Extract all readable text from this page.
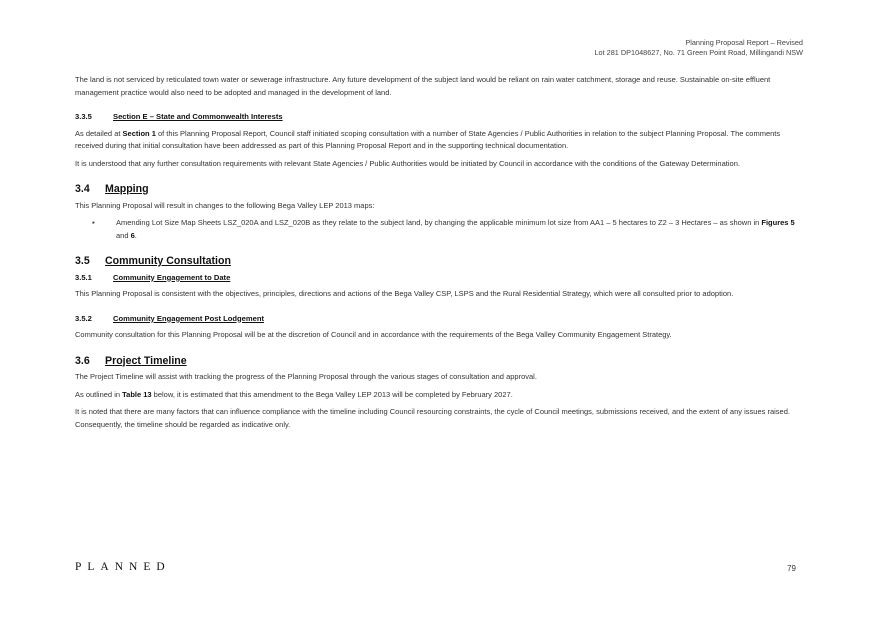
Planning Proposal Report – Revised
Lot 281 DP1048627, No. 71 Green Point Road, Millingandi NSW

The land is not serviced by reticulated town water or sewerage infrastructure. Any future development of the subject land would be reliant on rain water catchment, storage and reuse. Sustainable on-site effluent management practice would also need to be adopted and managed in the development of land.

3.3.5	Section E – State and Commonwealth Interests

As detailed at Section 1 of this Planning Proposal Report, Council staff initiated scoping consultation with a number of State Agencies / Public Authorities in relation to the subject Planning Proposal. The comments received during that initial consultation have been addressed as part of this Planning Proposal Report and in the supporting technical documentation.

It is understood that any further consultation requirements with relevant State Agencies / Public Authorities would be initiated by Council in accordance with the conditions of the Gateway Determination.

3.4	Mapping

This Planning Proposal will result in changes to the following Bega Valley LEP 2013 maps:

▪	Amending Lot Size Map Sheets LSZ_020A and LSZ_020B as they relate to the subject land, by changing the applicable minimum lot size from AA1 – 5 hectares to Z2 – 3 Hectares – as shown in Figures 5 and 6.
3.5	Community Consultation
3.5.1	Community Engagement to Date

This Planning Proposal is consistent with the objectives, principles, directions and actions of the Bega Valley CSP, LSPS and the Rural Residential Strategy, which were all consulted prior to adoption.

3.5.2	Community Engagement Post Lodgement

Community consultation for this Planning Proposal will be at the discretion of Council and in accordance with the requirements of the Bega Valley Community Engagement Strategy.

3.6	Project Timeline

The Project Timeline will assist with tracking the progress of the Planning Proposal through the various stages of consultation and approval.

As outlined in Table 13 below, it is estimated that this amendment to the Bega Valley LEP 2013 will be completed by February 2027.

It is noted that there are many factors that can influence compliance with the timeline including Council resourcing constraints, the cycle of Council meetings, submissions received, and the extent of any issues raised. Consequently, the timeline should be regarded as indicative only.

PLANNED	79
